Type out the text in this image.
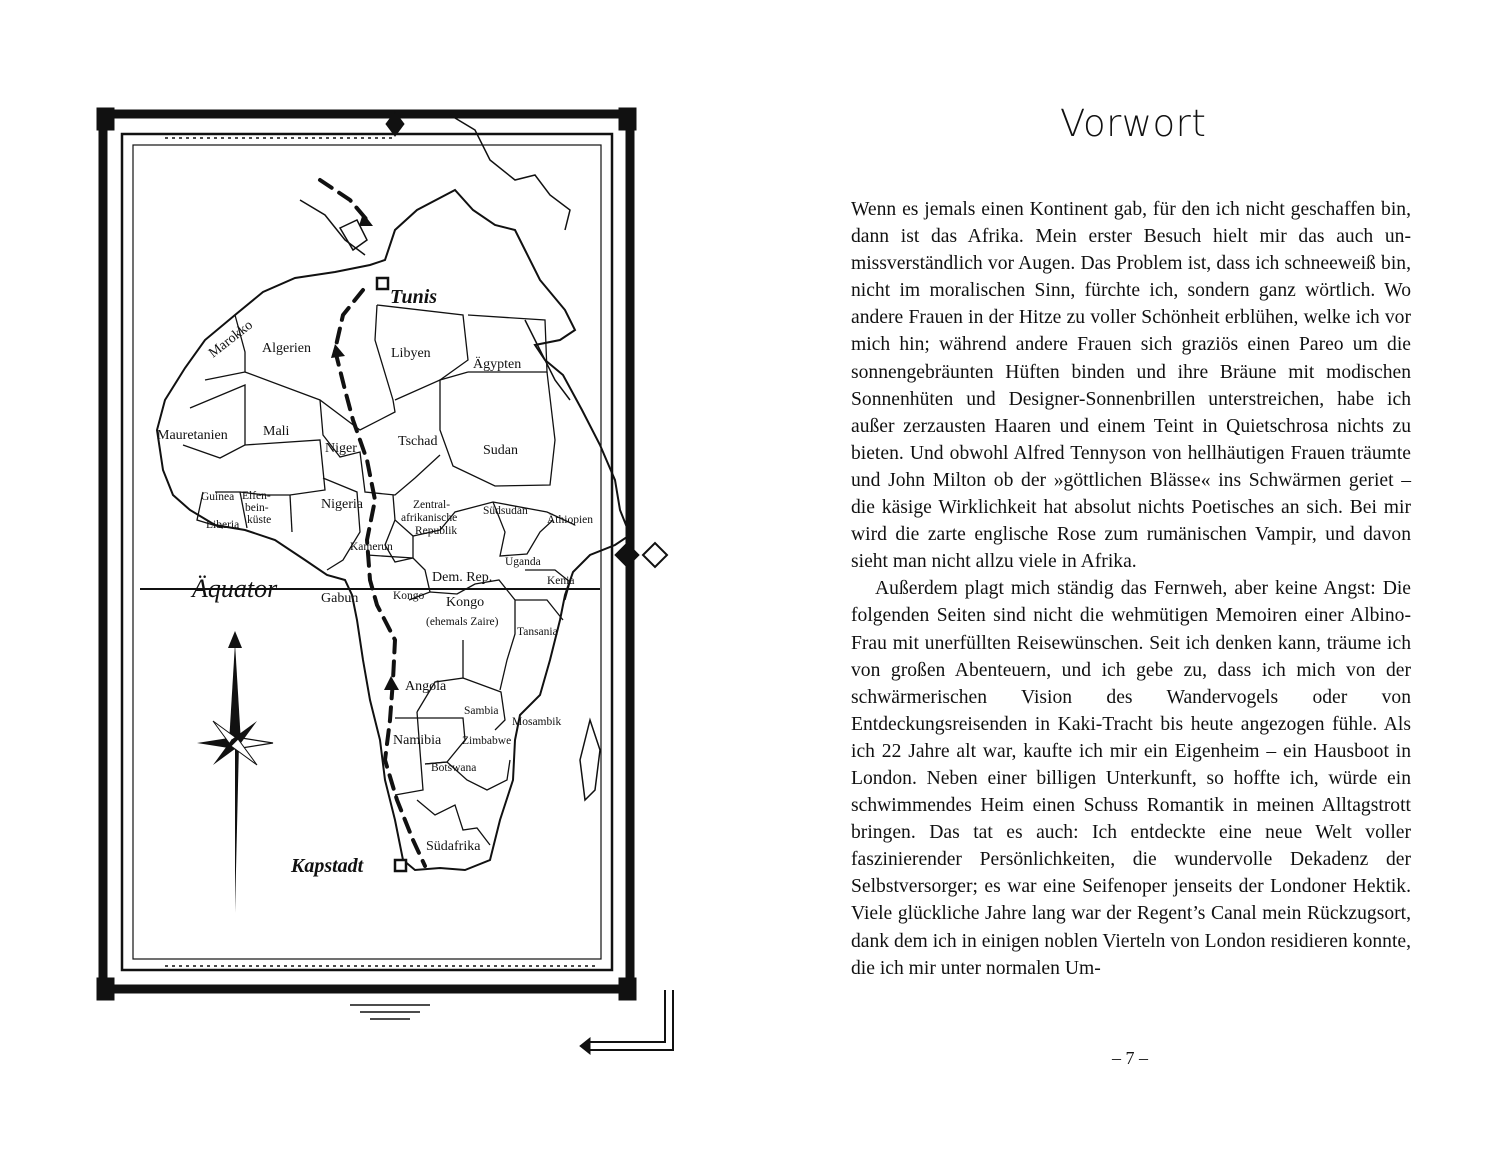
Marokko Algerien	Libyen
Ägypten
Mauretanien	Mali
Niger	Tschad
Sudan
Guinea Elfen-
bein-
küste
Liberia
Nigeria	Zentral-
afrikanische
Republik
Südsudan
Äthiopien
Kamerun
Uganda
Kenia
Dem. Rep.
Gabun	Kongo Kongo
(ehemals Zaire)
Tansania
Angola
Sambia
Mosambik
Namibia Zimbabwe
Botswana
Südafrika
Tunis
Kapstadt
Äquator
Vorwort

Wenn es jemals einen Kontinent gab, für den ich nicht geschaffen bin, dann ist das Afrika. Mein erster Besuch hielt mir das auch unmissverständlich vor Augen. Das Problem ist, dass ich schneeweiß bin, nicht im moralischen Sinn, fürchte ich, sondern ganz wörtlich. Wo andere Frauen in der Hitze zu voller Schönheit erblühen, welke ich vor mich hin; während andere Frauen sich graziös einen Pareo um die sonnengebräunten Hüften binden und ihre Bräune mit modischen Sonnenhüten und Designer-Sonnenbrillen unterstreichen, habe ich außer zerzausten Haaren und einem Teint in Quietschrosa nichts zu bieten. Und obwohl Alfred Tennyson von hellhäutigen Frauen träumte und John Milton ob der »göttlichen Blässe« ins Schwärmen geriet – die käsige Wirklichkeit hat absolut nichts Poetisches an sich. Bei mir wird die zarte englische Rose zum rumänischen Vampir, und davon sieht man nicht allzu viele in Afrika.

Außerdem plagt mich ständig das Fernweh, aber keine Angst: Die folgenden Seiten sind nicht die wehmütigen Memoiren einer Albino-Frau mit unerfüllten Reisewünschen. Seit ich denken kann, träume ich von großen Abenteuern, und ich gebe zu, dass ich mich von der schwärmerischen Vision des Wandervogels oder von Entdeckungsreisenden in Kaki-Tracht bis heute angezogen fühle. Als ich 22 Jahre alt war, kaufte ich mir ein Eigenheim – ein Hausboot in London. Neben einer billigen Unterkunft, so hoffte ich, würde ein schwimmendes Heim einen Schuss Romantik in meinen Alltagstrott bringen. Das tat es auch: Ich entdeckte eine neue Welt voller faszinierender Persönlichkeiten, die wundervolle Dekadenz der Selbstversorger; es war eine Seifenoper jenseits der Londoner Hektik. Viele glückliche Jahre lang war der Regent’s Canal mein Rückzugsort, dank dem ich in einigen noblen Vierteln von London residieren konnte, die ich mir unter normalen Um-

– 7 –
